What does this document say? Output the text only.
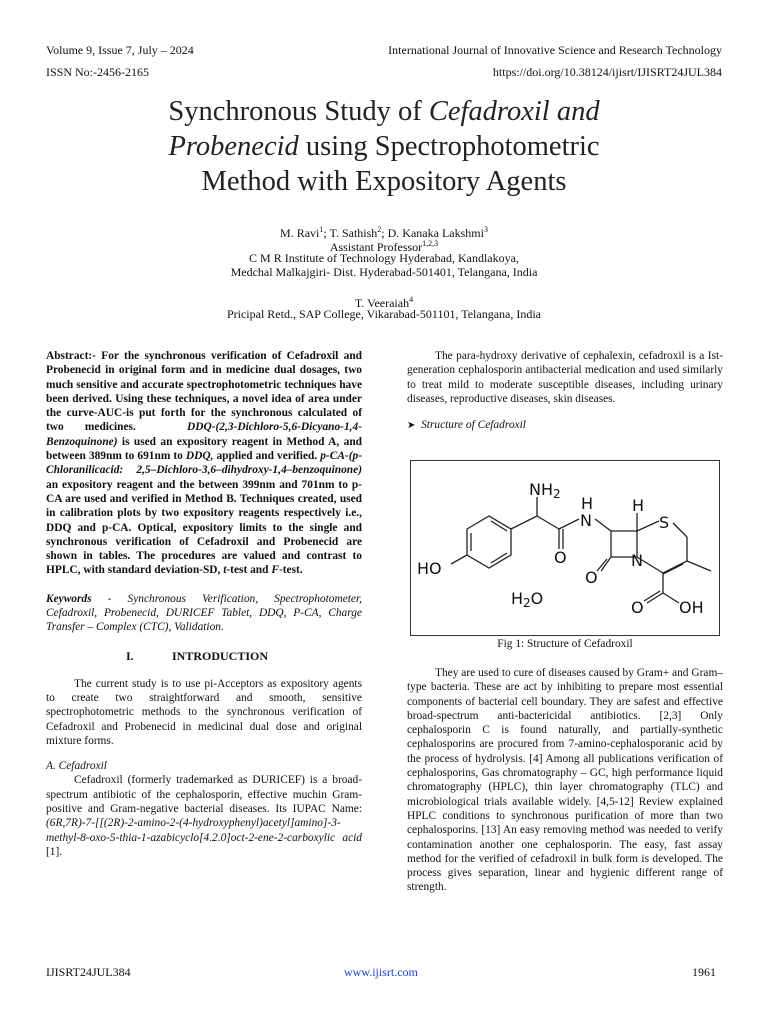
Volume 9, Issue 7, July – 2024	International Journal of Innovative Science and Research Technology
ISSN No:-2456-2165	https://doi.org/10.38124/ijisrt/IJISRT24JUL384
Synchronous Study of Cefadroxil and
Probenecid using Spectrophotometric
Method with Expository Agents
M. Ravi$^1$; T. Sathish$^2$; D. Kanaka Lakshmi$^3$
Assistant Professor$^{1,2,3}$
C M R Institute of Technology Hyderabad, Kandlakoya,
Medchal Malkajgiri- Dist. Hyderabad-501401, Telangana, India
T. Veeraiah$^4$
Pricipal Retd., SAP College, Vikarabad-501101, Telangana, India

Abstract:- For the synchronous verification of Cefadroxil and Probenecid in original form and in medicine dual dosages, two much sensitive and accurate spectrophotometric techniques have been derived. Using these techniques, a novel idea of area under the curve-AUC-is put forth for the synchronous calculated of two medicines.	DDQ-(2,3-Dichloro-5,6-Dicyano-1,4-Benzoquinone) is used an expository reagent in Method A, and between 389nm to 691nm to DDQ, applied and verified. p-CA-(p-Chloranilicacid: 2,5–Dichloro-3,6–dihydroxy-1,4–benzoquinone) an expository reagent and the between 399nm and 701nm to p-CA are used and verified in Method B. Techniques created, used in calibration plots by two expository reagents respectively i.e., DDQ and p-CA. Optical, expository limits to the single and synchronous verification of Cefadroxil and Probenecid are shown in tables. The procedures are valued and contrast to HPLC, with standard deviation-SD, t-test and F-test.

Keywords - Synchronous Verification, Spectrophotometer, Cefadroxil, Probenecid, DURICEF Tablet, DDQ, P-CA, Charge Transfer – Complex (CTC), Validation.

I.	INTRODUCTION

The current study is to use pi-Acceptors as expository agents to create two straightforward and smooth, sensitive spectrophotometric methods to the synchronous verification of Cefadroxil and Probenecid in medicinal dual dose and original mixture forms.

A. Cefadroxil

Cefadroxil (formerly trademarked as DURICEF) is a broad-spectrum antibiotic of the cephalosporin, effective muchin Gram-positive and Gram-negative bacterial diseases. Its IUPAC Name: (6R,7R)-7-[[(2R)-2-amino-2-(4-hydroxyphenyl)acetyl]amino]-3-methyl-8-oxo-5-thia-1-azabicyclo[4.2.0]oct-2-ene-2-carboxylic acid [1].

The para-hydroxy derivative of cephalexin, cefadroxil is a Ist-generation cephalosporin antibacterial medication and used similarly to treat mild to moderate susceptible diseases, including urinary diseases, reproductive diseases, skin diseases.

➤ Structure of Cefadroxil

NH2 H
N
H
S
HO
O
O
N
H2O	O OH
Fig 1: Structure of Cefadroxil

They are used to cure of diseases caused by Gram+ and Gram– type bacteria. These are act by inhibiting to prepare most essential components of bacterial cell boundary. They are safest and effective broad-spectrum anti-bactericidal antibiotics. [2,3] Only cephalosporin C is found naturally, and partially-synthetic cephalosporins are procured from 7-amino-cephalosporanic acid by the process of hydrolysis. [4] Among all publications verification of cephalosporins, Gas chromatography – GC, high performance liquid chromatography (HPLC), thin layer chromatography (TLC) and microbiological trials available widely. [4,5-12] Review explained HPLC conditions to synchronous purification of more than two cephalosporins. [13] An easy removing method was needed to verify contamination another one cephalosporin. The easy, fast assay method for the verified of cefadroxil in bulk form is developed. The process gives separation, linear and hygienic different range of strength.

IJISRT24JUL384	www.ijisrt.com	1961
